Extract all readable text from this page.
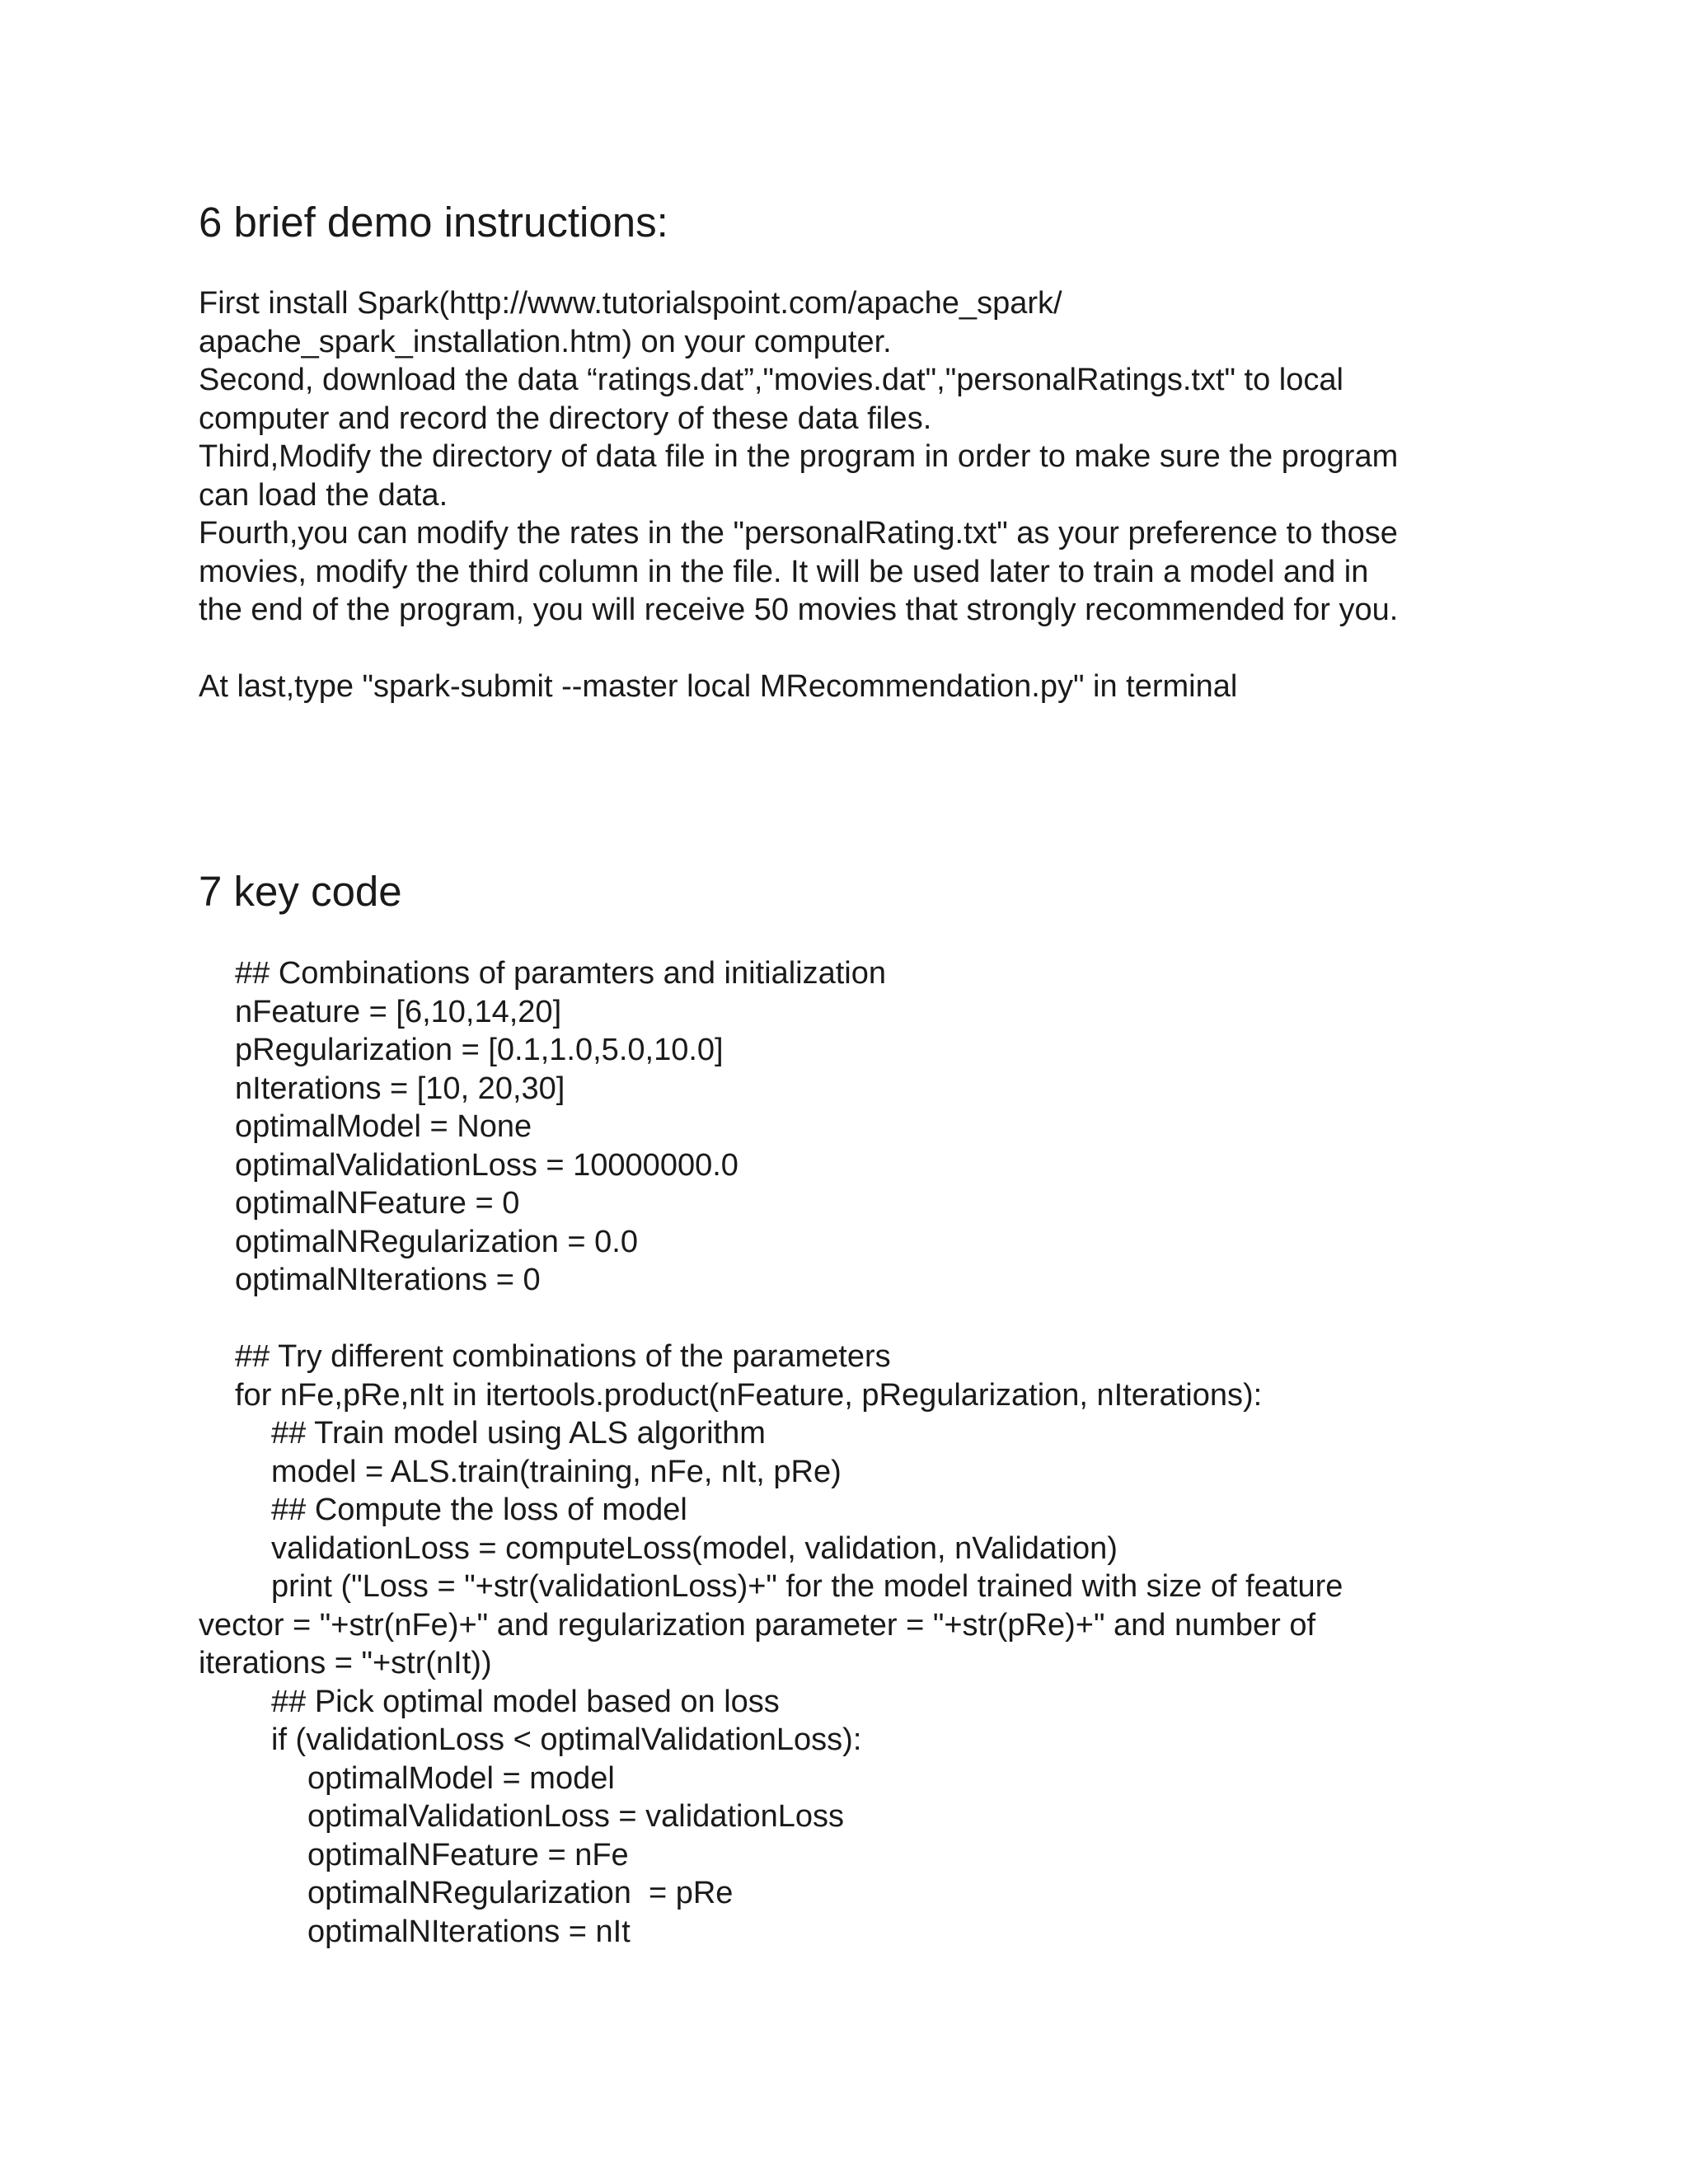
6 brief demo instructions:
First install Spark(http://www.tutorialspoint.com/apache_spark/
apache_spark_installation.htm) on your computer.
Second, download the data “ratings.dat”,"movies.dat","personalRatings.txt" to local
computer and record the directory of these data files.
Third,Modify the directory of data file in the program in order to make sure the program
can load the data.
Fourth,you can modify the rates in the "personalRating.txt" as your preference to those
movies, modify the third column in the file. It will be used later to train a model and in
the end of the program, you will receive 50 movies that strongly recommended for you.
At last,type "spark-submit --master local MRecommendation.py" in terminal
7 key code
## Combinations of paramters and initialization
nFeature = [6,10,14,20]
pRegularization = [0.1,1.0,5.0,10.0]
nIterations = [10, 20,30]
optimalModel = None
optimalValidationLoss = 10000000.0
optimalNFeature = 0
optimalNRegularization = 0.0
optimalNIterations = 0
## Try different combinations of the parameters
for nFe,pRe,nIt in itertools.product(nFeature, pRegularization, nIterations):
## Train model using ALS algorithm
model = ALS.train(training, nFe, nIt, pRe)
## Compute the loss of model
validationLoss = computeLoss(model, validation, nValidation)
print ("Loss = "+str(validationLoss)+" for the model trained with size of feature
vector = "+str(nFe)+" and regularization parameter = "+str(pRe)+" and number of
iterations = "+str(nIt))
## Pick optimal model based on loss
if (validationLoss < optimalValidationLoss):
optimalModel = model
optimalValidationLoss = validationLoss
optimalNFeature = nFe
optimalNRegularization  = pRe
optimalNIterations = nIt
